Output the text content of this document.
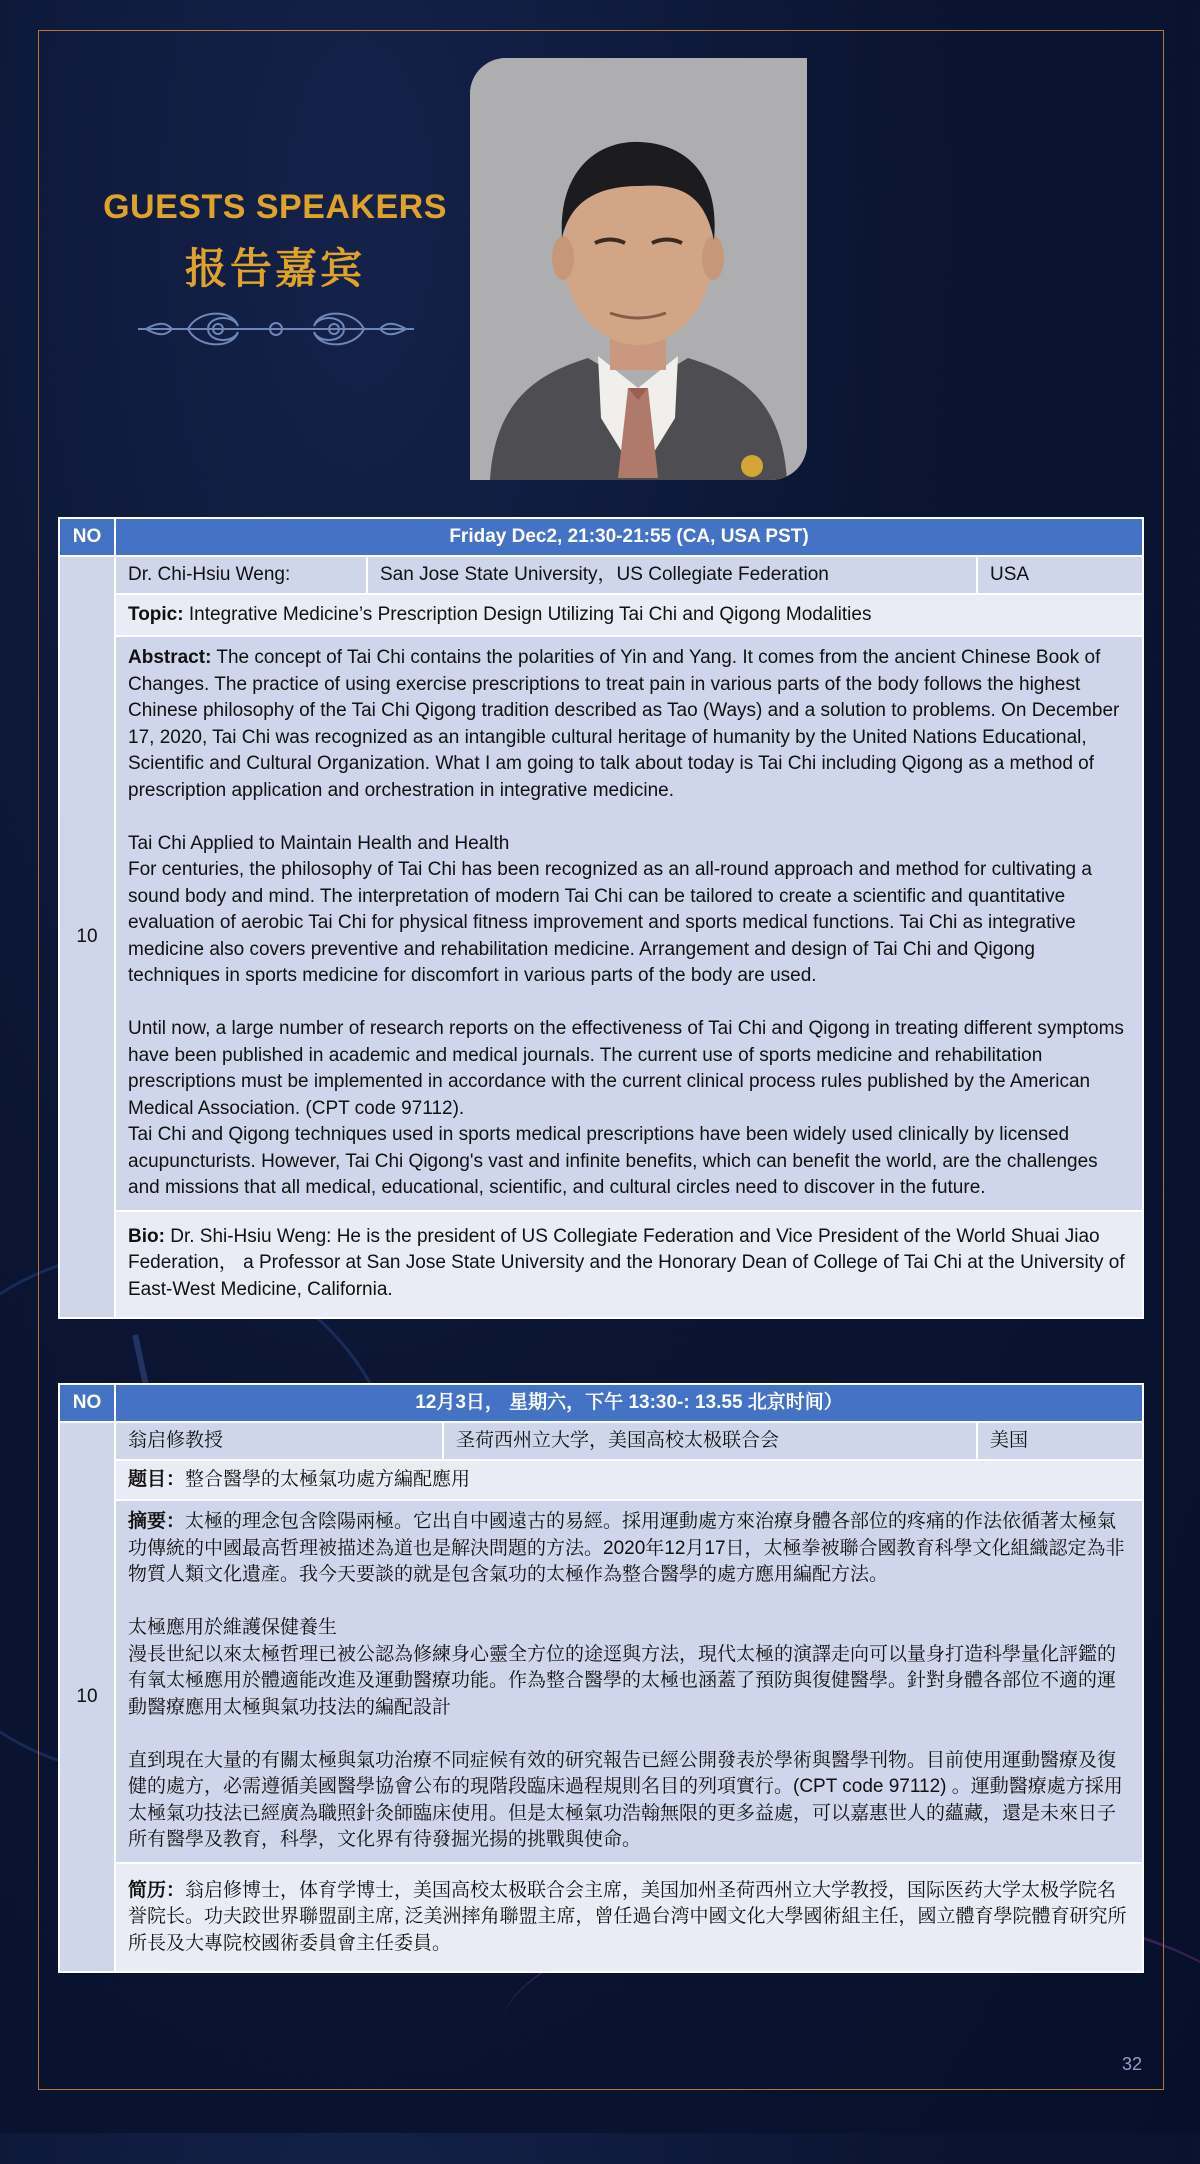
GUESTS SPEAKERS
报告嘉宾
NO	Friday Dec2, 21:30-21:55 (CA, USA PST)		
10	Dr. Chi-Hsiu Weng:	San Jose State University，US Collegiate Federation	USA
	Topic: Integrative Medicine’s Prescription Design Utilizing Tai Chi and Qigong Modalities		

	Abstract: The concept of Tai Chi contains the polarities of Yin and Yang. It comes from the ancient Chinese Book of Changes. The practice of using exercise prescriptions to treat pain in various parts of the body follows the highest Chinese philosophy of the Tai Chi Qigong tradition described as Tao (Ways) and a solution to problems. On December 17, 2020, Tai Chi was recognized as an intangible cultural heritage of humanity by the United Nations Educational, Scientific and Cultural Organization. What I am going to talk about today is Tai Chi including Qigong as a method of prescription application and orchestration in integrative medicine.
Tai Chi Applied to Maintain Health and Health
For centuries, the philosophy of Tai Chi has been recognized as an all-round approach and method for cultivating a sound body and mind. The interpretation of modern Tai Chi can be tailored to create a scientific and quantitative evaluation of aerobic Tai Chi for physical fitness improvement and sports medical functions. Tai Chi as integrative medicine also covers preventive and rehabilitation medicine. Arrangement and design of Tai Chi and Qigong techniques in sports medicine for discomfort in various parts of the body are used.
Until now, a large number of research reports on the effectiveness of Tai Chi and Qigong in treating different symptoms have been published in academic and medical journals. The current use of sports medicine and rehabilitation prescriptions must be implemented in accordance with the current clinical process rules published by the American Medical Association. (CPT code 97112).
Tai Chi and Qigong techniques used in sports medical prescriptions have been widely used clinically by licensed acupuncturists. However, Tai Chi Qigong's vast and infinite benefits, which can benefit the world, are the challenges and missions that all medical, educational, scientific, and cultural circles need to discover in the future.		

	Bio: Dr. Shi-Hsiu Weng: He is the president of US Collegiate Federation and Vice President of the World Shuai Jiao Federation， a Professor at San Jose State University and the Honorary Dean of College of Tai Chi at the University of East-West Medicine, California.		
NO	12月3日， 星期六，下午 13:30-: 13.55 北京时间）		
10	翁启修教授	圣荷西州立大学，美国高校太极联合会	美国
	题目：整合醫學的太極氣功處方編配應用		

	摘要：太極的理念包含陰陽兩極。它出自中國遠古的易經。採用運動處方來治療身體各部位的疼痛的作法依循著太極氣功傳統的中國最高哲理被描述為道也是解決問題的方法。2020年12月17日，太極拳被聯合國教育科學文化組織認定為非物質人類文化遺產。我今天要談的就是包含氣功的太極作為整合醫學的處方應用編配方法。
太極應用於維護保健養生
漫長世紀以來太極哲理已被公認為修練身心靈全方位的途逕與方法，現代太極的演譯走向可以量身打造科學量化評鑑的有氧太極應用於體適能改進及運動醫療功能。作為整合醫學的太極也涵蓋了預防與復健醫學。針對身體各部位不適的運動醫療應用太極與氣功技法的編配設計
直到現在大量的有關太極與氣功治療不同症候有效的研究報告已經公開發表於學術與醫學刊物。目前使用運動醫療及復健的處方，必需遵循美國醫學協會公布的現階段臨床過程規則名目的列項實行。(CPT code 97112) 。運動醫療處方採用太極氣功技法已經廣為職照針灸師臨床使用。但是太極氣功浩翰無限的更多益處，可以嘉惠世人的蘊藏，還是未來日子所有醫學及教育，科學，文化界有待發掘光揚的挑戰與使命。		

	简历：翁启修博士，体育学博士，美国高校太极联合会主席，美国加州圣荷西州立大学教授，国际医药大学太极学院名誉院长。功夫跤世界聯盟副主席, 泛美洲摔角聯盟主席，曾任過台湾中國文化大學國術組主任，國立體育學院體育研究所所長及大專院校國術委員會主任委員。		
32
